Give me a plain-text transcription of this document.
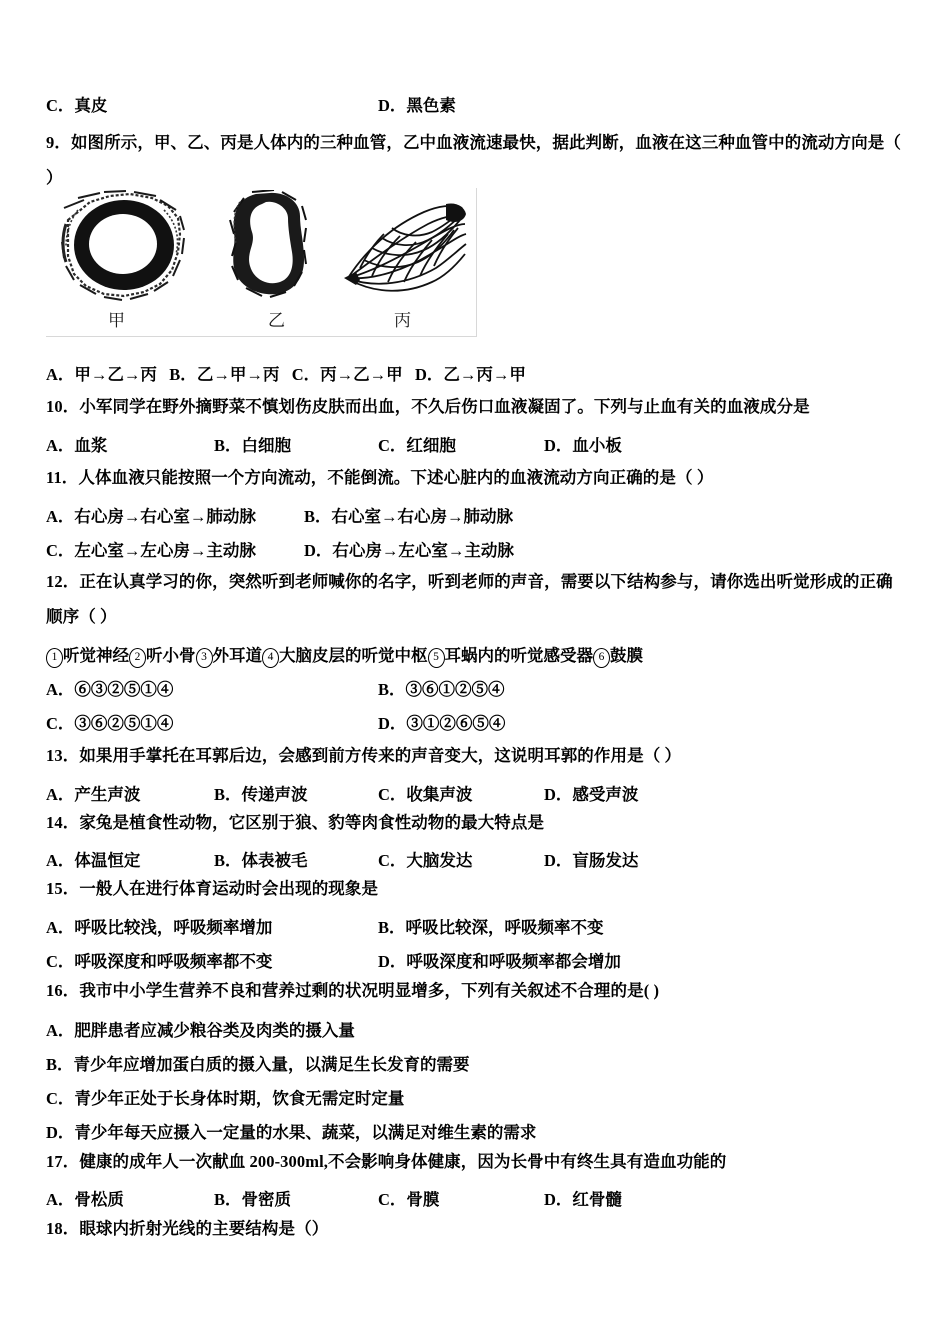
C．真皮	D．黑色素
9．如图所示，甲、乙、丙是人体内的三种血管，乙中血液流速最快，据此判断，血液在这三种血管中的流动方向是（
）
甲	乙	丙
A．甲→乙→丙 B．乙→甲→丙 C．丙→乙→甲 D．乙→丙→甲
10．小军同学在野外摘野菜不慎划伤皮肤而出血，不久后伤口血液凝固了。下列与止血有关的血液成分是
A．血浆	B．白细胞	C．红细胞	D．血小板
11．人体血液只能按照一个方向流动，不能倒流。下述心脏内的血液流动方向正确的是（ ）
A．右心房→右心室→肺动脉	B．右心室→右心房→肺动脉
C．左心室→左心房→主动脉	D．右心房→左心室→主动脉
12．正在认真学习的你，突然听到老师喊你的名字，听到老师的声音，需要以下结构参与，请你选出听觉形成的正确
顺序（ ）
1 听觉神经 2 听小骨 3 外耳道 4 大脑皮层的听觉中枢 5 耳蜗内的听觉感受器 6 鼓膜
A．⑥③②⑤①④	B．③⑥①②⑤④
C．③⑥②⑤①④	D．③①②⑥⑤④
13．如果用手掌托在耳郭后边，会感到前方传来的声音变大，这说明耳郭的作用是（ ）
A．产生声波	B．传递声波	C．收集声波	D．感受声波
14．家兔是植食性动物，它区别于狼、豹等肉食性动物的最大特点是
A．体温恒定	B．体表被毛	C．大脑发达	D．盲肠发达
15．一般人在进行体育运动时会出现的现象是
A．呼吸比较浅，呼吸频率增加	B．呼吸比较深，呼吸频率不变
C．呼吸深度和呼吸频率都不变	D．呼吸深度和呼吸频率都会增加
16．我市中小学生营养不良和营养过剩的状况明显增多，下列有关叙述不合理的是( )
A．肥胖患者应减少粮谷类及肉类的摄入量
B．青少年应增加蛋白质的摄入量，以满足生长发育的需要
C．青少年正处于长身体时期，饮食无需定时定量
D．青少年每天应摄入一定量的水果、蔬菜，以满足对维生素的需求
17．健康的成年人一次献血 200-300ml,不会影响身体健康，因为长骨中有终生具有造血功能的
A．骨松质	B．骨密质	C．骨膜	D．红骨髓
18．眼球内折射光线的主要结构是（）
